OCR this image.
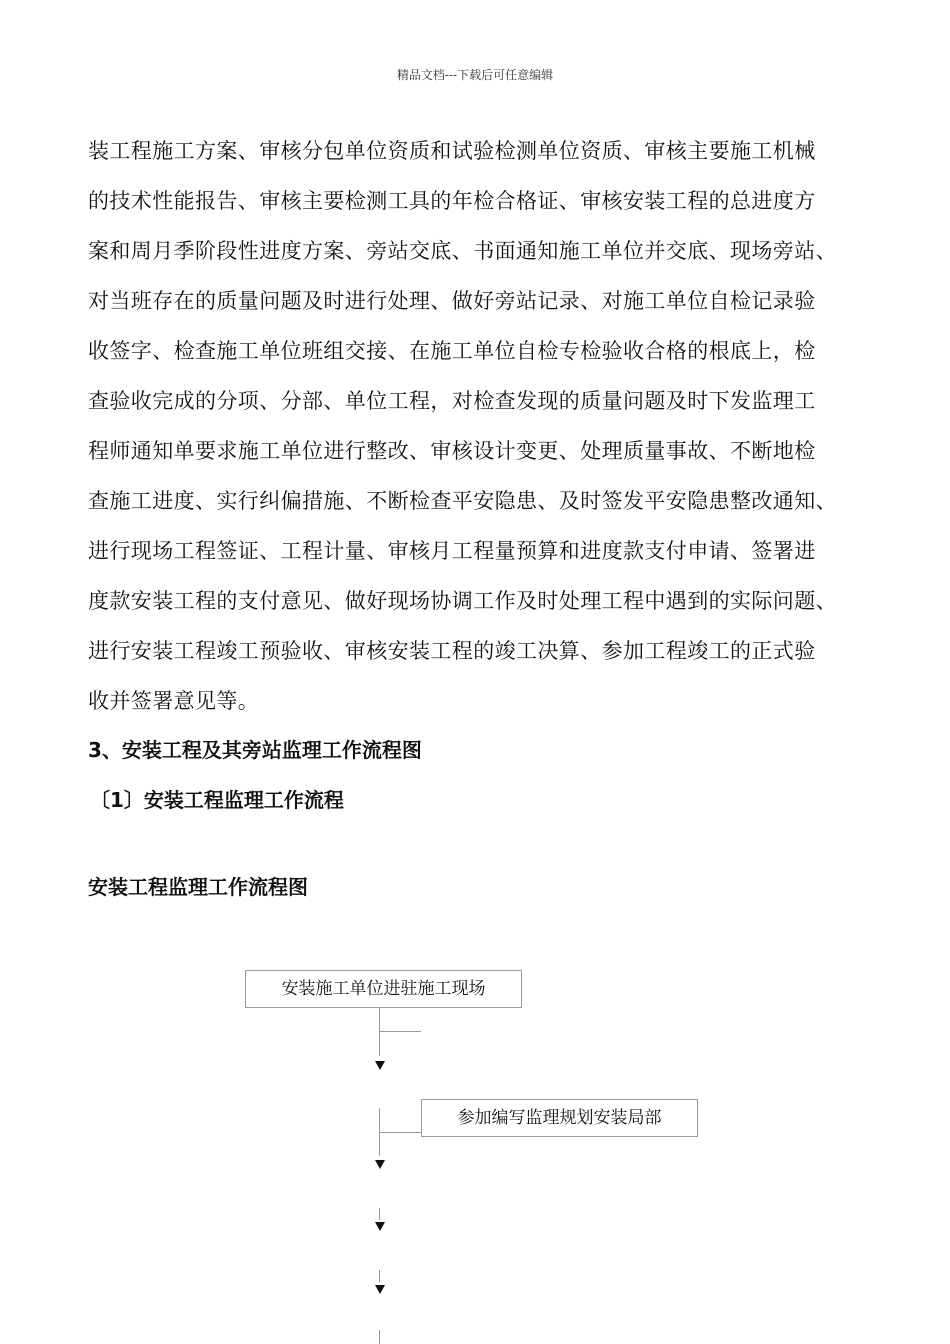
精品文档---下载后可任意编辑
装工程施工方案、审核分包单位资质和试验检测单位资质、审核主要施工机械
的技术性能报告、审核主要检测工具的年检合格证、审核安装工程的总进度方
案和周月季阶段性进度方案、旁站交底、书面通知施工单位并交底、现场旁站、
对当班存在的质量问题及时进行处理、做好旁站记录、对施工单位自检记录验
收签字、检查施工单位班组交接、在施工单位自检专检验收合格的根底上，检
查验收完成的分项、分部、单位工程，对检查发现的质量问题及时下发监理工
程师通知单要求施工单位进行整改、审核设计变更、处理质量事故、不断地检
查施工进度、实行纠偏措施、不断检查平安隐患、及时签发平安隐患整改通知、
进行现场工程签证、工程计量、审核月工程量预算和进度款支付申请、签署进
度款安装工程的支付意见、做好现场协调工作及时处理工程中遇到的实际问题、
进行安装工程竣工预验收、审核安装工程的竣工决算、参加工程竣工的正式验
收并签署意见等。
3、安装工程及其旁站监理工作流程图
〔1〕安装工程监理工作流程
安装工程监理工作流程图
安装施工单位进驻施工现场
参加编写监理规划安装局部
